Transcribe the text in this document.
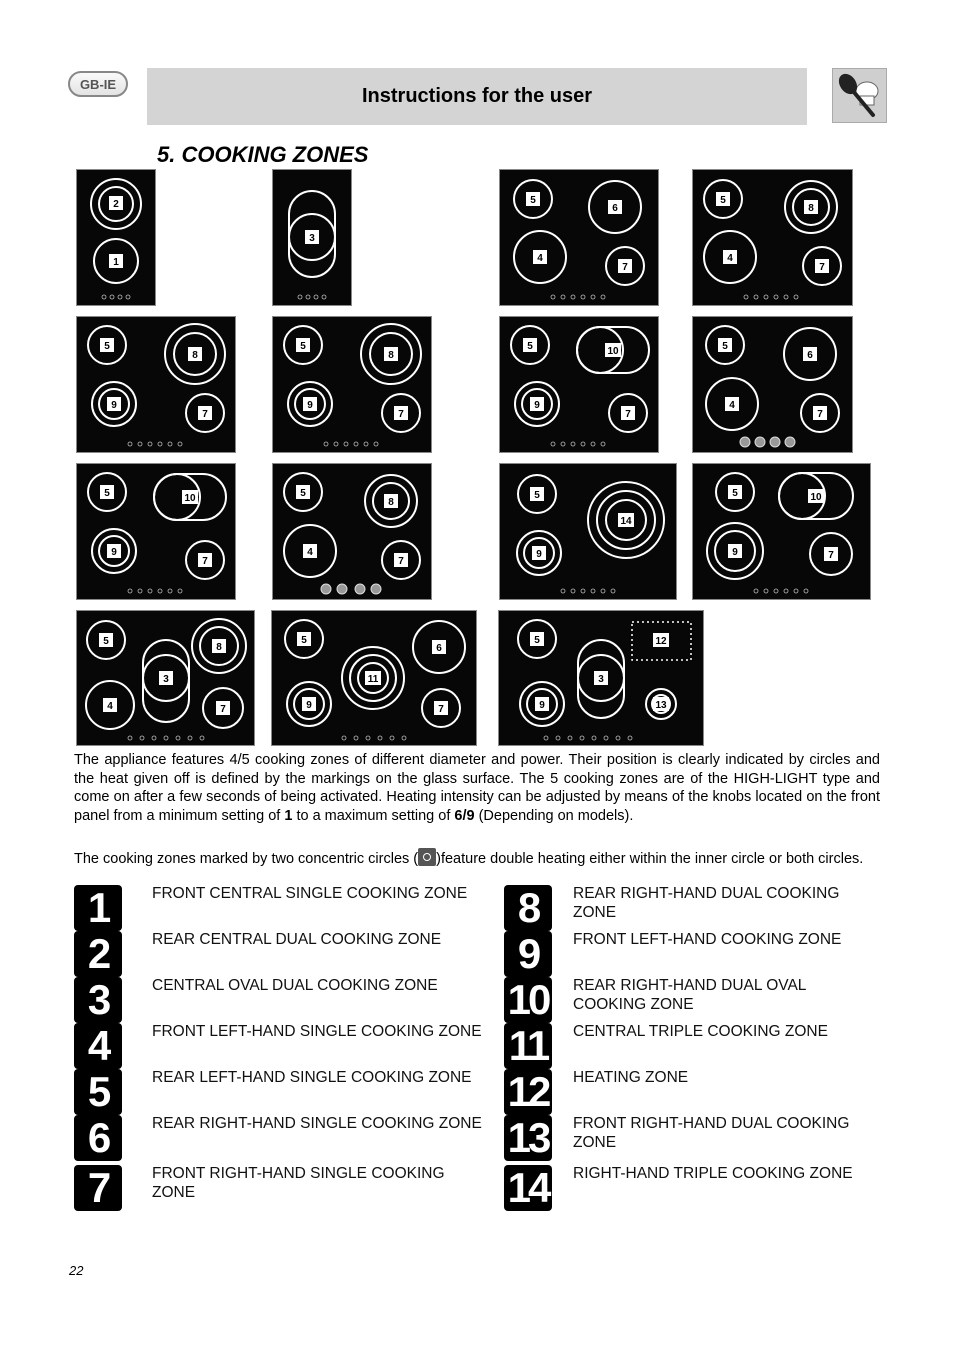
GB-IE
Instructions for the user
5. COOKING ZONES
2
1
3
5
6
4
7
5
8
4
7
5
8
9
7
5
8
9
7
5	10
9
7
5
6
4
7
5	10
9
7
5
8
4
7
5
14
9
5	10
9	7
5
8
3
4	7
5
6
11
9	7
5	12
3
9	13
The appliance features 4/5 cooking zones of different diameter and power. Their position is clearly indicated by circles and the heat given off is defined by the markings on the glass surface. The 5 cooking zones are of the HIGH-LIGHT type and come on after a few seconds of being activated. Heating intensity can be adjusted by means of the knobs located on the front panel from a minimum setting of 1 to a maximum setting of 6/9 (Depending on models).
The cooking zones marked by two concentric circles ( )feature double heating either within the inner circle or both circles.
1	FRONT CENTRAL SINGLE COOKING ZONE
2	REAR CENTRAL DUAL COOKING ZONE
3	CENTRAL OVAL DUAL COOKING ZONE
4	FRONT LEFT-HAND SINGLE COOKING ZONE
5	REAR LEFT-HAND SINGLE COOKING ZONE
6	REAR RIGHT-HAND SINGLE COOKING ZONE
7	FRONT RIGHT-HAND SINGLE COOKING ZONE
8	REAR RIGHT-HAND DUAL COOKING ZONE
9	FRONT LEFT-HAND COOKING ZONE
10 REAR RIGHT-HAND DUAL OVAL COOKING ZONE
11	CENTRAL TRIPLE COOKING ZONE
12 HEATING ZONE
13 FRONT RIGHT-HAND DUAL COOKING ZONE
14 RIGHT-HAND TRIPLE COOKING ZONE
22
